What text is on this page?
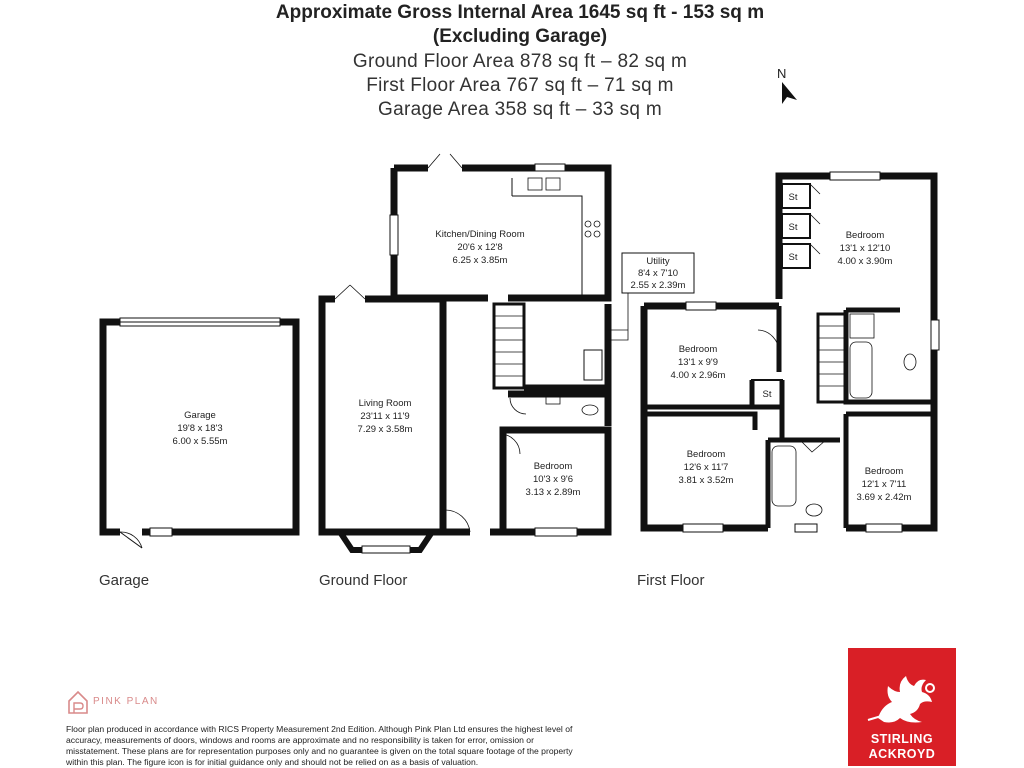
Approximate Gross Internal Area 1645 sq ft - 153 sq m
(Excluding Garage)
Ground Floor Area 878 sq ft – 82 sq m
First Floor Area 767 sq ft – 71 sq m
Garage Area 358 sq ft – 33 sq m
N
Garage
19'8 x 18'3
6.00 x 5.55m
Living Room
23'11 x 11'9
7.29 x 3.58m
Kitchen/Dining Room
20'6 x 12'8
6.25 x 3.85m	Utility
8'4 x 7'10
2.55 x 2.39m
Bedroom
10'3 x 9'6
3.13 x 2.89m
Bedroom
13'1 x 12'10
4.00 x 3.90m
Bedroom
13'1 x 9'9
4.00 x 2.96m
Bedroom
12'6 x 11'7
3.81 x 3.52m
Bedroom
12'1 x 7'11
3.69 x 2.42m
St
St
St
St
Garage	Ground Floor	First Floor
PINK PLAN
Floor plan produced in accordance with RICS Property Measurement 2nd Edition. Although Pink Plan Ltd ensures the highest level of accuracy, measurements of doors, windows and rooms are approximate and no responsibility is taken for error, omission or misstatement. These plans are for representation purposes only and no guarantee is given on the total square footage of the property within this plan. The figure icon is for initial guidance only and should not be relied on as a basis of valuation.
STIRLING
ACKROYD
